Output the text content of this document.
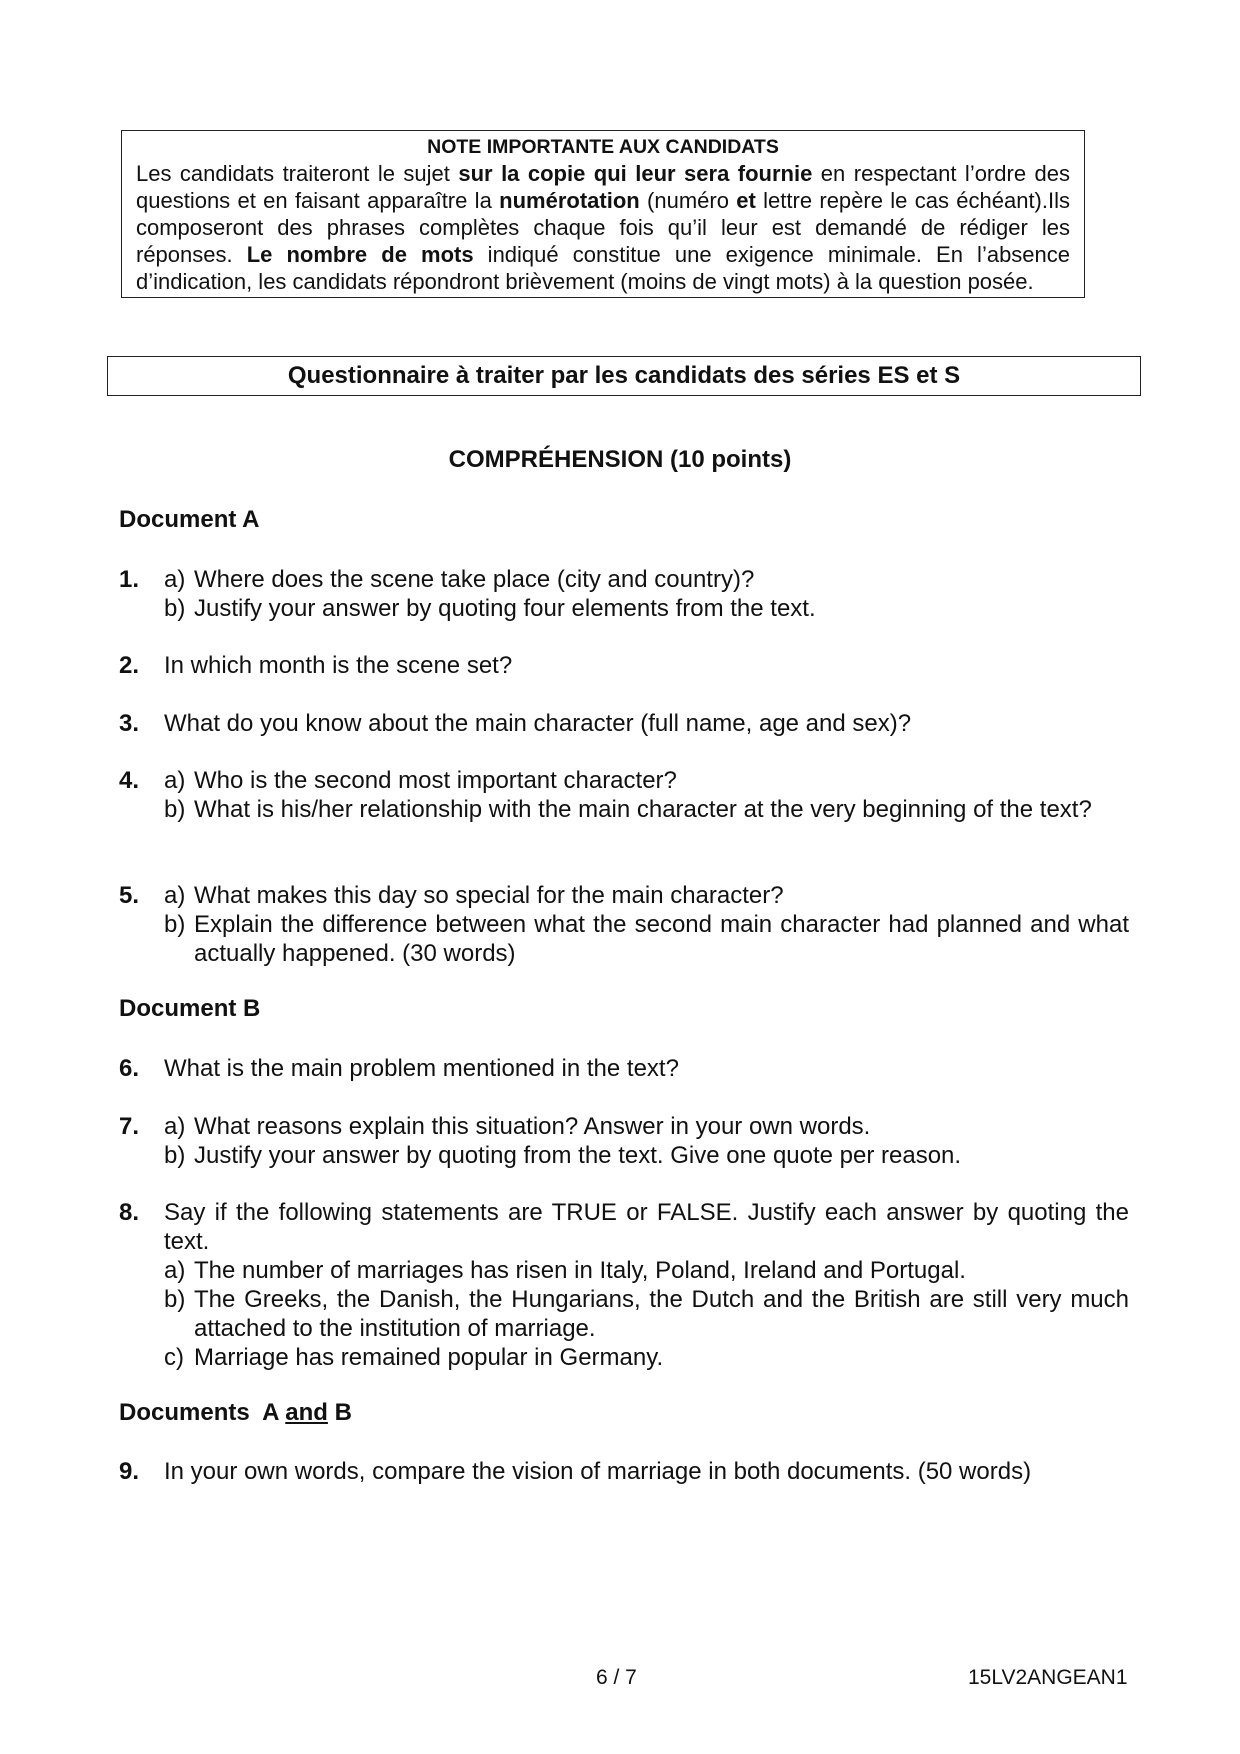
NOTE IMPORTANTE AUX CANDIDATS
Les candidats traiteront le sujet sur la copie qui leur sera fournie en respectant l’ordre des questions et en faisant apparaître la numérotation (numéro et lettre repère le cas échéant).Ils composeront des phrases complètes chaque fois qu’il leur est demandé de rédiger les réponses. Le nombre de mots indiqué constitue une exigence minimale. En l’absence d’indication, les candidats répondront brièvement (moins de vingt mots) à la question posée.
Questionnaire à traiter par les candidats des séries ES et S
COMPRÉHENSION (10 points)
Document A
1. a) Where does the scene take place (city and country)?
b) Justify your answer by quoting four elements from the text.
2. In which month is the scene set?
3. What do you know about the main character (full name, age and sex)?
4. a) Who is the second most important character?
b) What is his/her relationship with the main character at the very beginning of the text?
5. a) What makes this day so special for the main character?
b) Explain the difference between what the second main character had planned and what actually happened. (30 words)
Document B
6. What is the main problem mentioned in the text?
7. a) What reasons explain this situation? Answer in your own words.
b) Justify your answer by quoting from the text. Give one quote per reason.
8. Say if the following statements are TRUE or FALSE. Justify each answer by quoting the text.
a) The number of marriages has risen in Italy, Poland, Ireland and Portugal.
b) The Greeks, the Danish, the Hungarians, the Dutch and the British are still very much attached to the institution of marriage.
c) Marriage has remained popular in Germany.
Documents  A and B
9. In your own words, compare the vision of marriage in both documents. (50 words)
6 / 7	15LV2ANGEAN1
